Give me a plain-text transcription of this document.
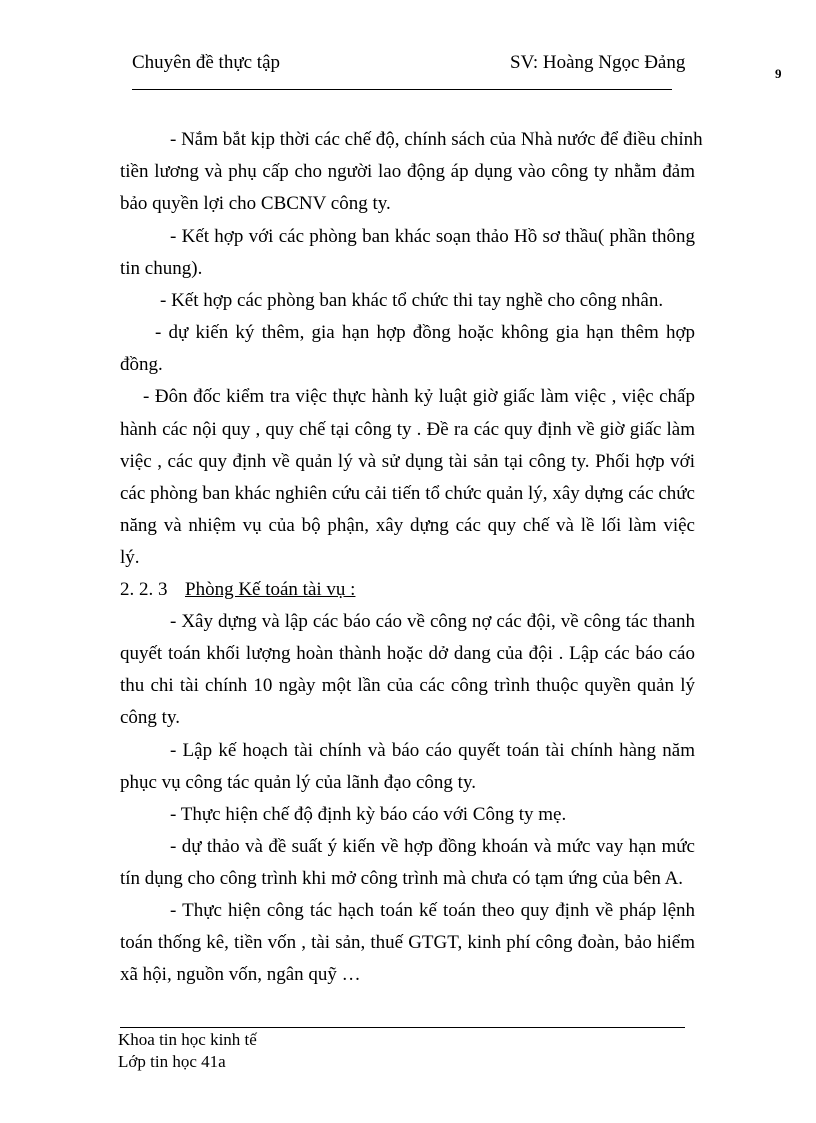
Chuyên đề thực tập	SV: Hoàng Ngọc Đảng
9
- Nắm bắt kịp thời các chế độ, chính sách của Nhà nước để điều chỉnh
tiền lương và phụ cấp cho người lao động áp dụng vào công ty nhằm đảm
bảo quyền lợi cho CBCNV công ty.
- Kết hợp với các phòng ban khác soạn thảo Hồ sơ thầu( phần thông
tin chung).
- Kết hợp các phòng ban khác tổ chức thi tay nghề cho công nhân.
- dự kiến ký thêm, gia hạn hợp đồng hoặc không gia hạn thêm hợp
đồng.
- Đôn đốc kiểm tra việc thực hành kỷ luật giờ giấc làm việc , việc chấp
hành các nội quy , quy chế tại công ty . Đề ra các quy định về giờ giấc làm
việc , các quy định về quản lý và sử dụng tài sản tại công ty. Phối hợp với
các phòng ban khác nghiên cứu cải tiến tổ chức quản lý, xây dựng các chức
năng và nhiệm vụ của bộ phận, xây dựng các quy chế và lề lối làm việc
lý.
2. 2. 3 Phòng Kế toán tài vụ :
- Xây dựng và lập các báo cáo về công nợ các đội, về công tác thanh
quyết toán khối lượng hoàn thành hoặc dở dang của đội . Lập các báo cáo
thu chi tài chính 10 ngày một lần của các công trình thuộc quyền quản lý
công ty.
- Lập kế hoạch tài chính và báo cáo quyết toán tài chính hàng năm
phục vụ công tác quản lý của lãnh đạo công ty.
- Thực hiện chế độ định kỳ báo cáo với Công ty mẹ.
- dự thảo và đề suất ý kiến về hợp đồng khoán và mức vay hạn mức
tín dụng cho công trình khi mở công trình mà chưa có tạm ứng của bên A.
- Thực hiện công tác hạch toán kế toán theo quy định về pháp lệnh
toán thống kê, tiền vốn , tài sản, thuế GTGT, kinh phí công đoàn, bảo hiểm
xã hội, nguồn vốn, ngân quỹ …
Khoa tin học kinh tế
Lớp tin học 41a
